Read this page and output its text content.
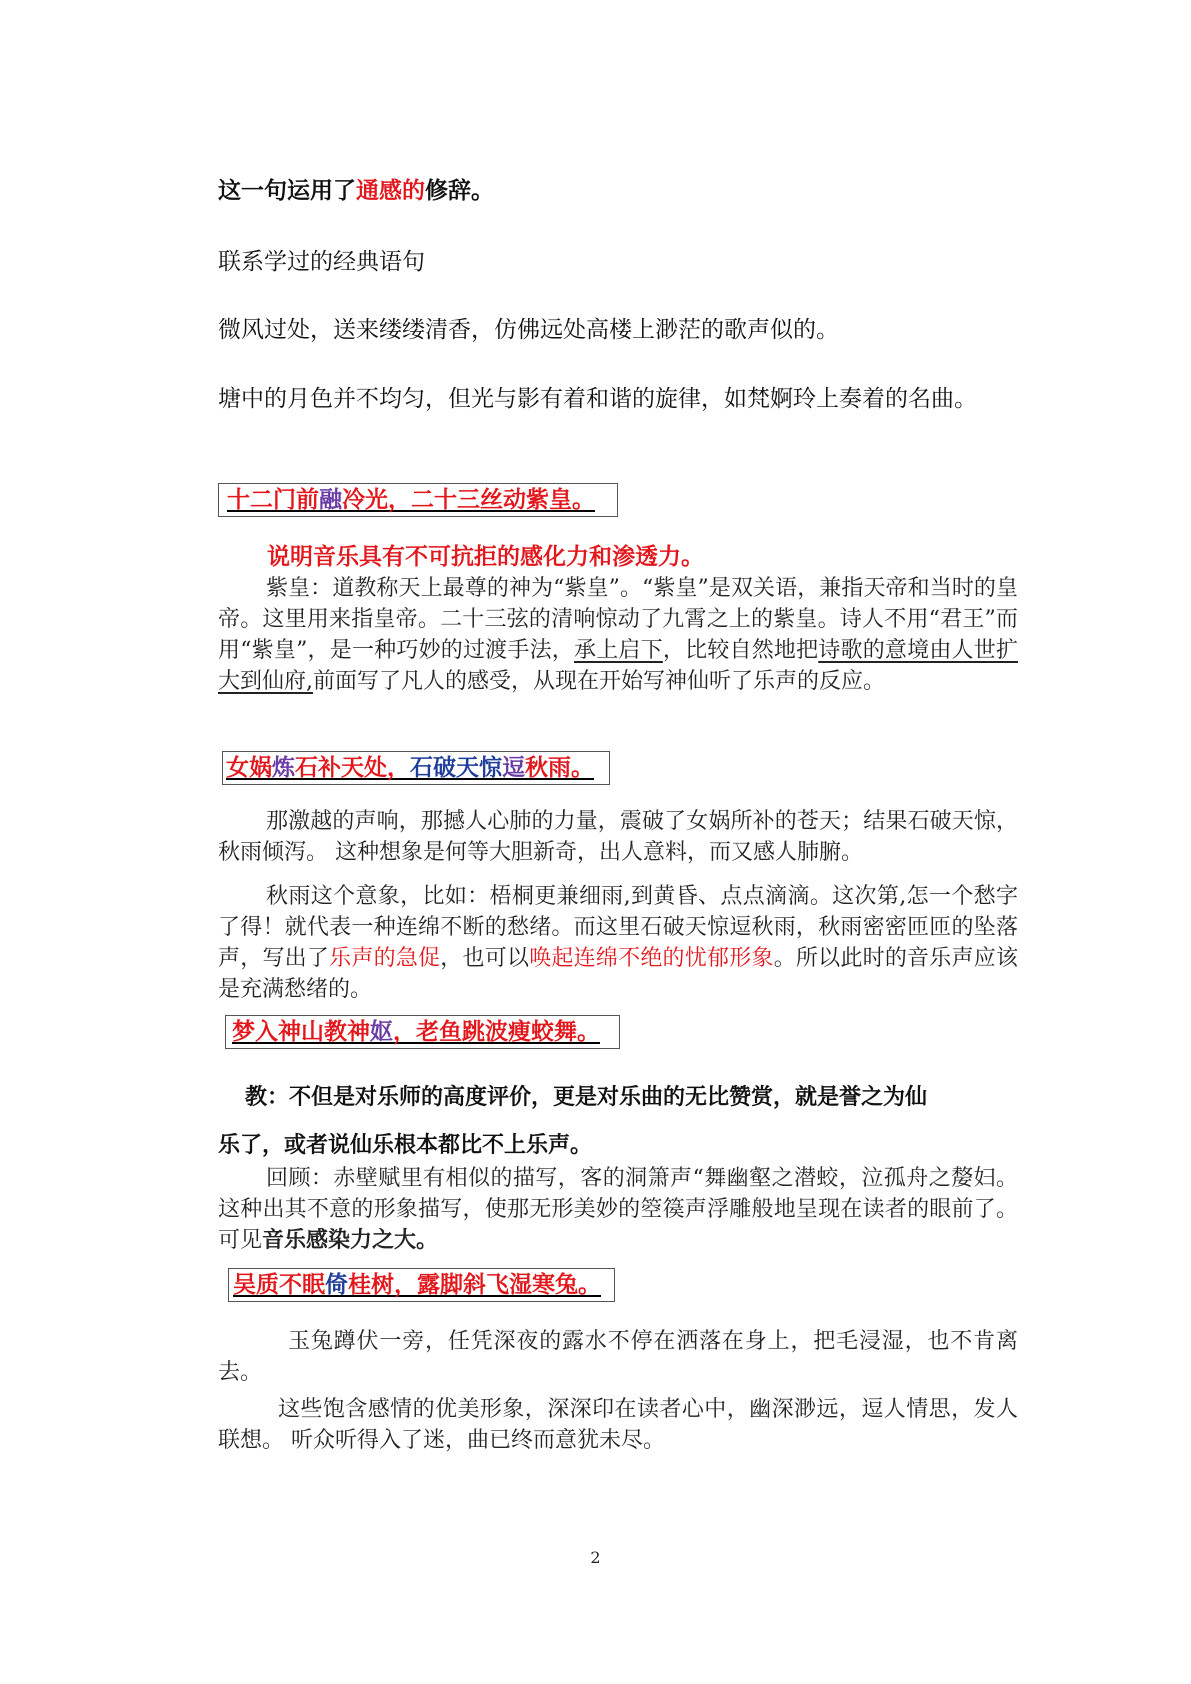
这一句运用了通感的修辞。
联系学过的经典语句
微风过处，送来缕缕清香，仿佛远处高楼上渺茫的歌声似的。
塘中的月色并不均匀，但光与影有着和谐的旋律，如梵婀玲上奏着的名曲。
十二门前融冷光，二十三丝动紫皇。
说明音乐具有不可抗拒的感化力和渗透力。

紫皇：道教称天上最尊的神为“紫皇”。“紫皇”是双关语，兼指天帝和当时的皇帝。这里用来指皇帝。二十三弦的清响惊动了九霄之上的紫皇。诗人不用“君王”而用“紫皇”，是一种巧妙的过渡手法，承上启下，比较自然地把诗歌的意境由人世扩大到仙府,前面写了凡人的感受，从现在开始写神仙听了乐声的反应。

女娲炼石补天处，石破天惊逗秋雨。
那激越的声响，那撼人心肺的力量，震破了女娲所补的苍天；结果石破天惊，秋雨倾泻。 这种想象是何等大胆新奇，出人意料，而又感人肺腑。

秋雨这个意象，比如：梧桐更兼细雨,到黄昏、点点滴滴。这次第,怎一个愁字了得！就代表一种连绵不断的愁绪。而这里石破天惊逗秋雨，秋雨密密匝匝的坠落声，写出了乐声的急促，也可以唤起连绵不绝的忧郁形象。所以此时的音乐声应该是充满愁绪的。

梦入神山教神妪，老鱼跳波瘦蛟舞。
教：不但是对乐师的高度评价，更是对乐曲的无比赞赏，就是誉之为仙
乐了，或者说仙乐根本都比不上乐声。

回顾：赤壁赋里有相似的描写，客的洞箫声“舞幽壑之潜蛟，泣孤舟之嫠妇。这种出其不意的形象描写，使那无形美妙的箜篌声浮雕般地呈现在读者的眼前了。可见音乐感染力之大。

吴质不眠倚桂树，露脚斜飞湿寒兔。
玉兔蹲伏一旁，任凭深夜的露水不停在洒落在身上，把毛浸湿，也不肯离去。
这些饱含感情的优美形象，深深印在读者心中，幽深渺远，逗人情思，发人联想。 听众听得入了迷，曲已终而意犹未尽。
2
